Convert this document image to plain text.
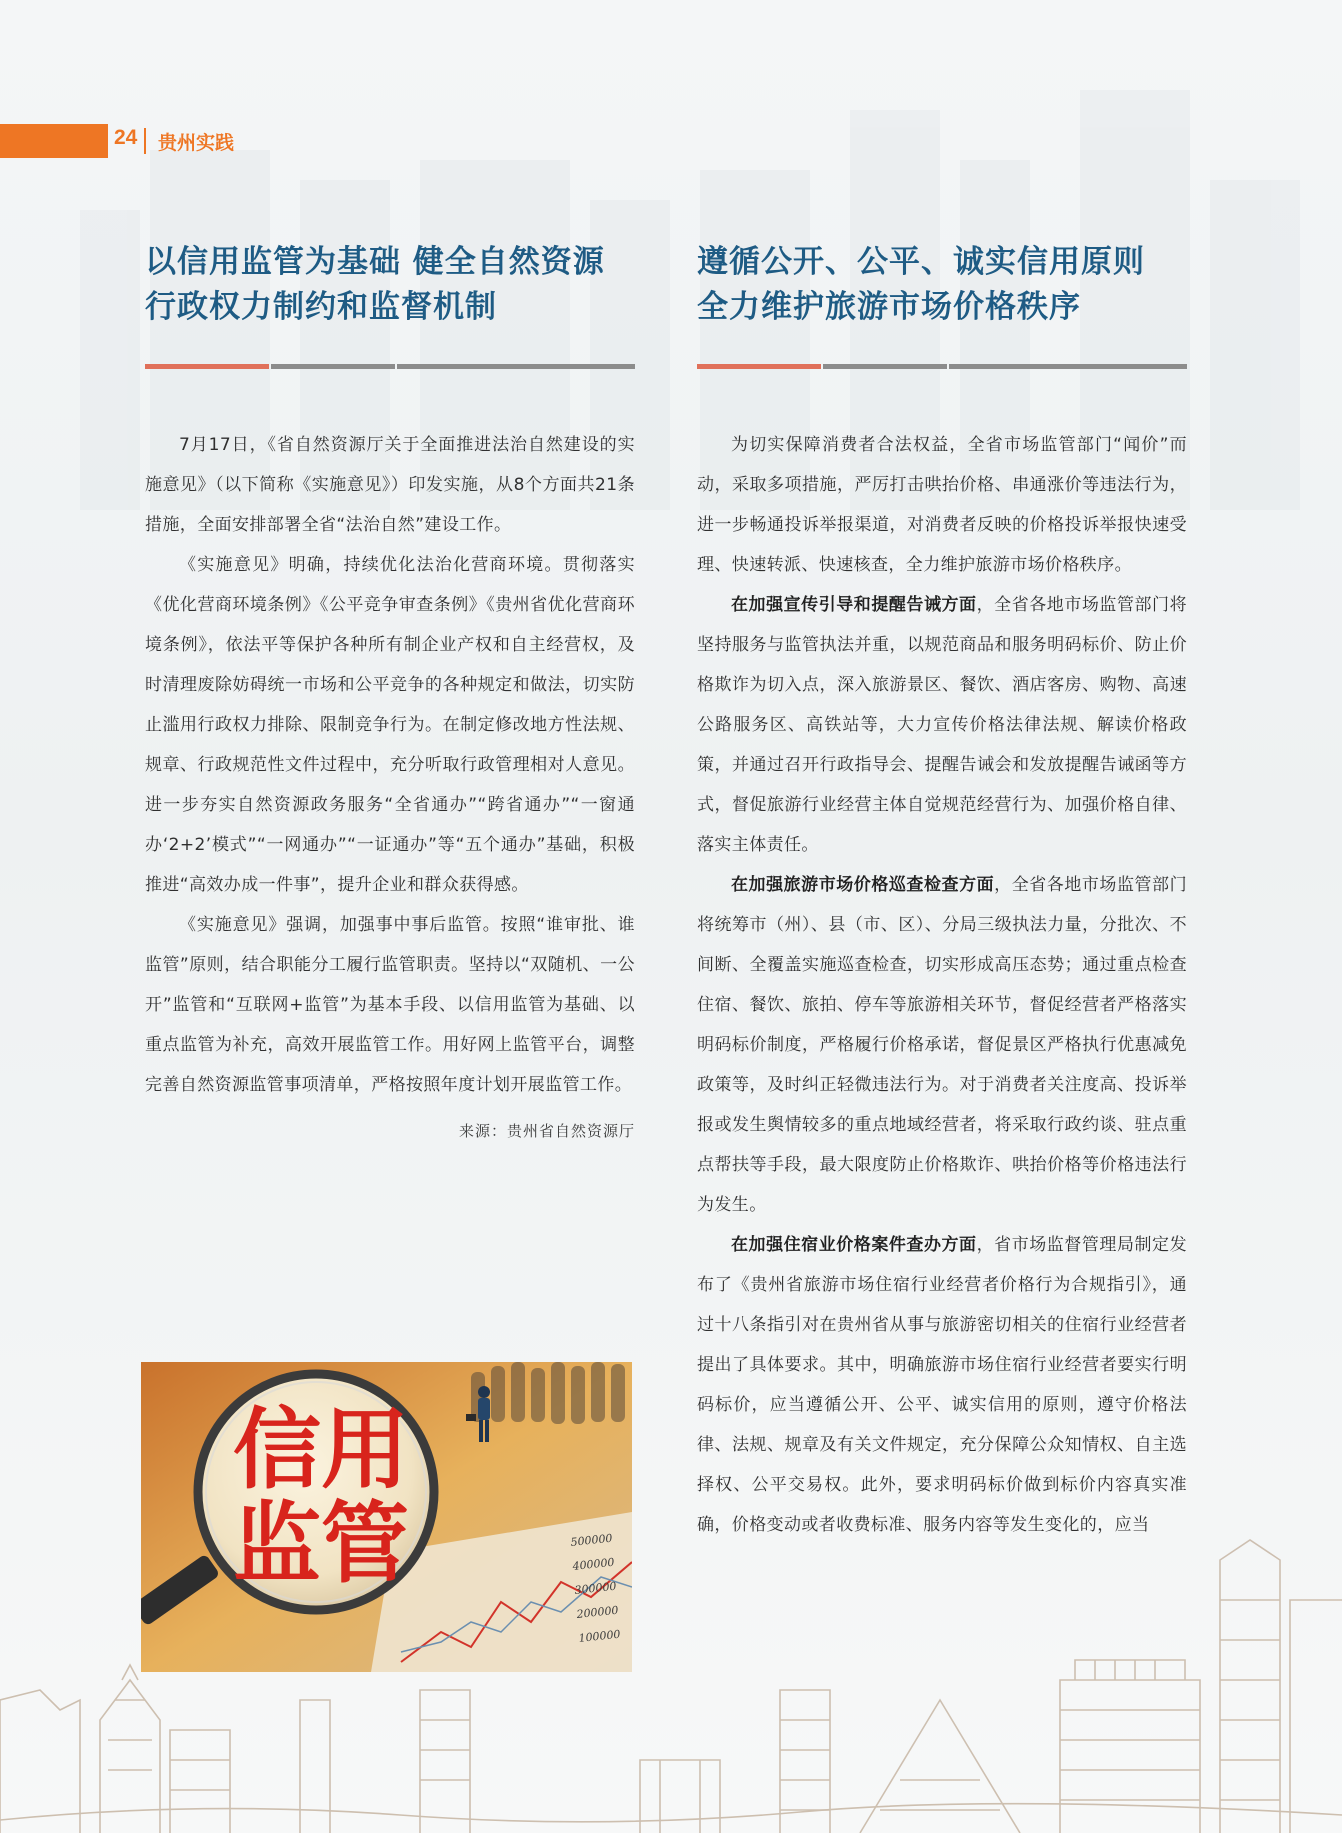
24 贵州实践
以信用监管为基础 健全自然资源
行政权力制约和监督机制

7月17日，《省自然资源厅关于全面推进法治自然建设的实施意见》（以下简称《实施意见》）印发实施，从8个方面共21条措施，全面安排部署全省“法治自然”建设工作。

《实施意见》明确，持续优化法治化营商环境。贯彻落实《优化营商环境条例》《公平竞争审查条例》《贵州省优化营商环境条例》，依法平等保护各种所有制企业产权和自主经营权，及时清理废除妨碍统一市场和公平竞争的各种规定和做法，切实防止滥用行政权力排除、限制竞争行为。在制定修改地方性法规、规章、行政规范性文件过程中，充分听取行政管理相对人意见。进一步夯实自然资源政务服务“全省通办”“跨省通办”“一窗通办‘2+2’模式”“一网通办”“一证通办”等“五个通办”基础，积极推进“高效办成一件事”，提升企业和群众获得感。

《实施意见》强调，加强事中事后监管。按照“谁审批、谁监管”原则，结合职能分工履行监管职责。坚持以“双随机、一公开”监管和“互联网+监管”为基本手段、以信用监管为基础、以重点监管为补充，高效开展监管工作。用好网上监管平台，调整完善自然资源监管事项清单，严格按照年度计划开展监管工作。

来源：贵州省自然资源厅
500000
400000
300000
200000
100000
信用
监管
遵循公开、公平、诚实信用原则
全力维护旅游市场价格秩序

为切实保障消费者合法权益，全省市场监管部门“闻价”而动，采取多项措施，严厉打击哄抬价格、串通涨价等违法行为，进一步畅通投诉举报渠道，对消费者反映的价格投诉举报快速受理、快速转派、快速核查，全力维护旅游市场价格秩序。

在加强宣传引导和提醒告诫方面，全省各地市场监管部门将坚持服务与监管执法并重，以规范商品和服务明码标价、防止价格欺诈为切入点，深入旅游景区、餐饮、酒店客房、购物、高速公路服务区、高铁站等，大力宣传价格法律法规、解读价格政策，并通过召开行政指导会、提醒告诫会和发放提醒告诫函等方式，督促旅游行业经营主体自觉规范经营行为、加强价格自律、落实主体责任。

在加强旅游市场价格巡查检查方面，全省各地市场监管部门将统筹市（州）、县（市、区）、分局三级执法力量，分批次、不间断、全覆盖实施巡查检查，切实形成高压态势；通过重点检查住宿、餐饮、旅拍、停车等旅游相关环节，督促经营者严格落实明码标价制度，严格履行价格承诺，督促景区严格执行优惠减免政策等，及时纠正轻微违法行为。对于消费者关注度高、投诉举报或发生舆情较多的重点地域经营者，将采取行政约谈、驻点重点帮扶等手段，最大限度防止价格欺诈、哄抬价格等价格违法行为发生。

在加强住宿业价格案件查办方面，省市场监督管理局制定发布了《贵州省旅游市场住宿行业经营者价格行为合规指引》，通过十八条指引对在贵州省从事与旅游密切相关的住宿行业经营者提出了具体要求。其中，明确旅游市场住宿行业经营者要实行明码标价，应当遵循公开、公平、诚实信用的原则，遵守价格法律、法规、规章及有关文件规定，充分保障公众知情权、自主选择权、公平交易权。此外，要求明码标价做到标价内容真实准确，价格变动或者收费标准、服务内容等发生变化的，应当
